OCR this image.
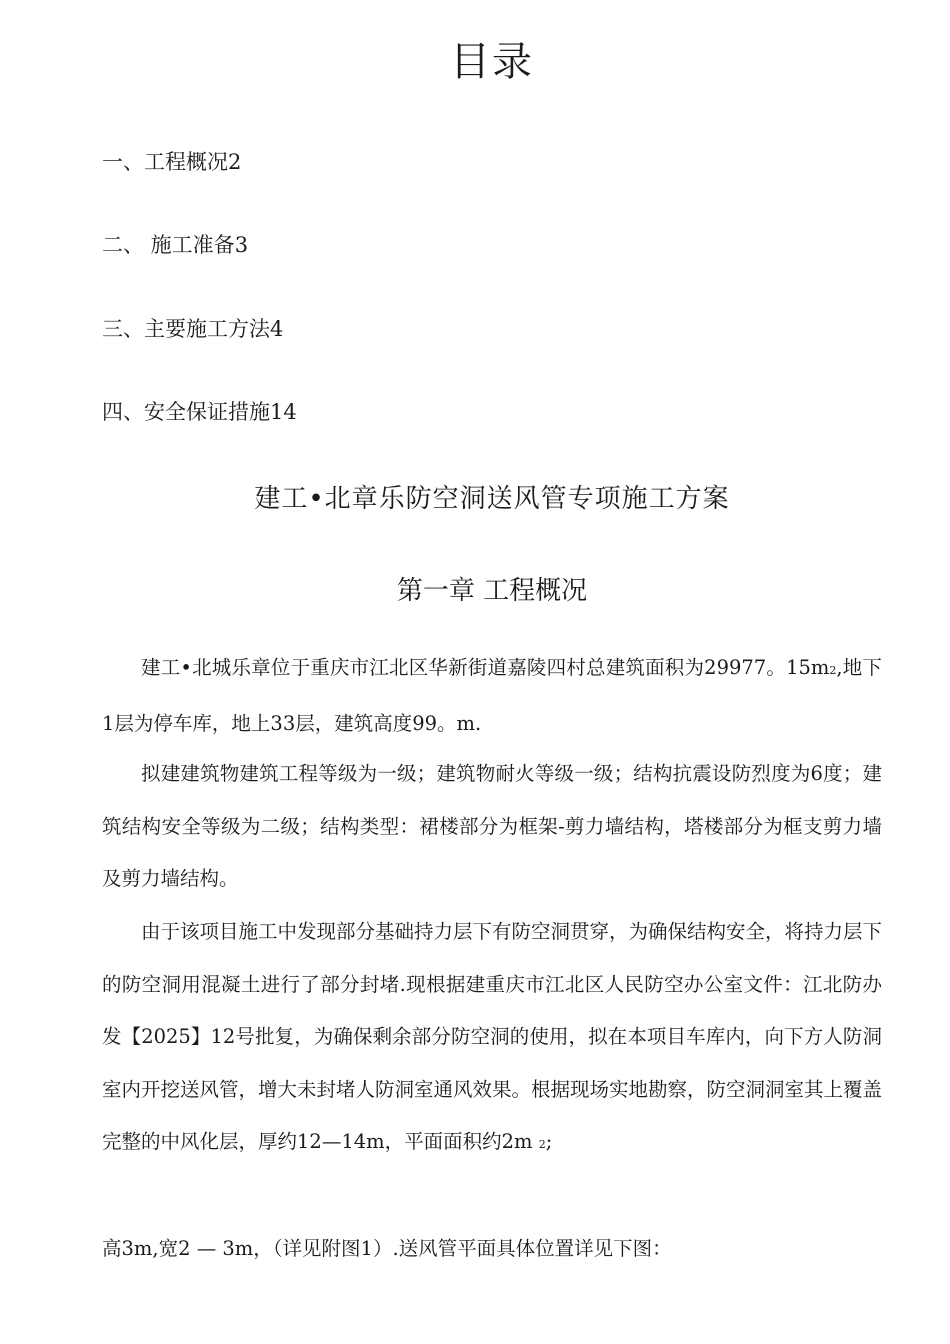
目录
一、工程概况2
二、 施工准备3
三、主要施工方法4
四、安全保证措施14
建工•北章乐防空洞送风管专项施工方案
第一章 工程概况

建工•北城乐章位于重庆市江北区华新街道嘉陵四村总建筑面积为29977。15m2,地下1层为停车库，地上33层，建筑高度99。m.

拟建建筑物建筑工程等级为一级；建筑物耐火等级一级；结构抗震设防烈度为6度；建筑结构安全等级为二级；结构类型：裙楼部分为框架-剪力墙结构，塔楼部分为框支剪力墙及剪力墙结构。

由于该项目施工中发现部分基础持力层下有防空洞贯穿，为确保结构安全，将持力层下的防空洞用混凝土进行了部分封堵.现根据建重庆市江北区人民防空办公室文件：江北防办发【2025】12号批复，为确保剩余部分防空洞的使用，拟在本项目车库内，向下方人防洞室内开挖送风管，增大未封堵人防洞室通风效果。根据现场实地勘察，防空洞洞室其上覆盖完整的中风化层，厚约12—14m，平面面积约2m 2;

高3m,宽2 — 3m，（详见附图1）.送风管平面具体位置详见下图：
